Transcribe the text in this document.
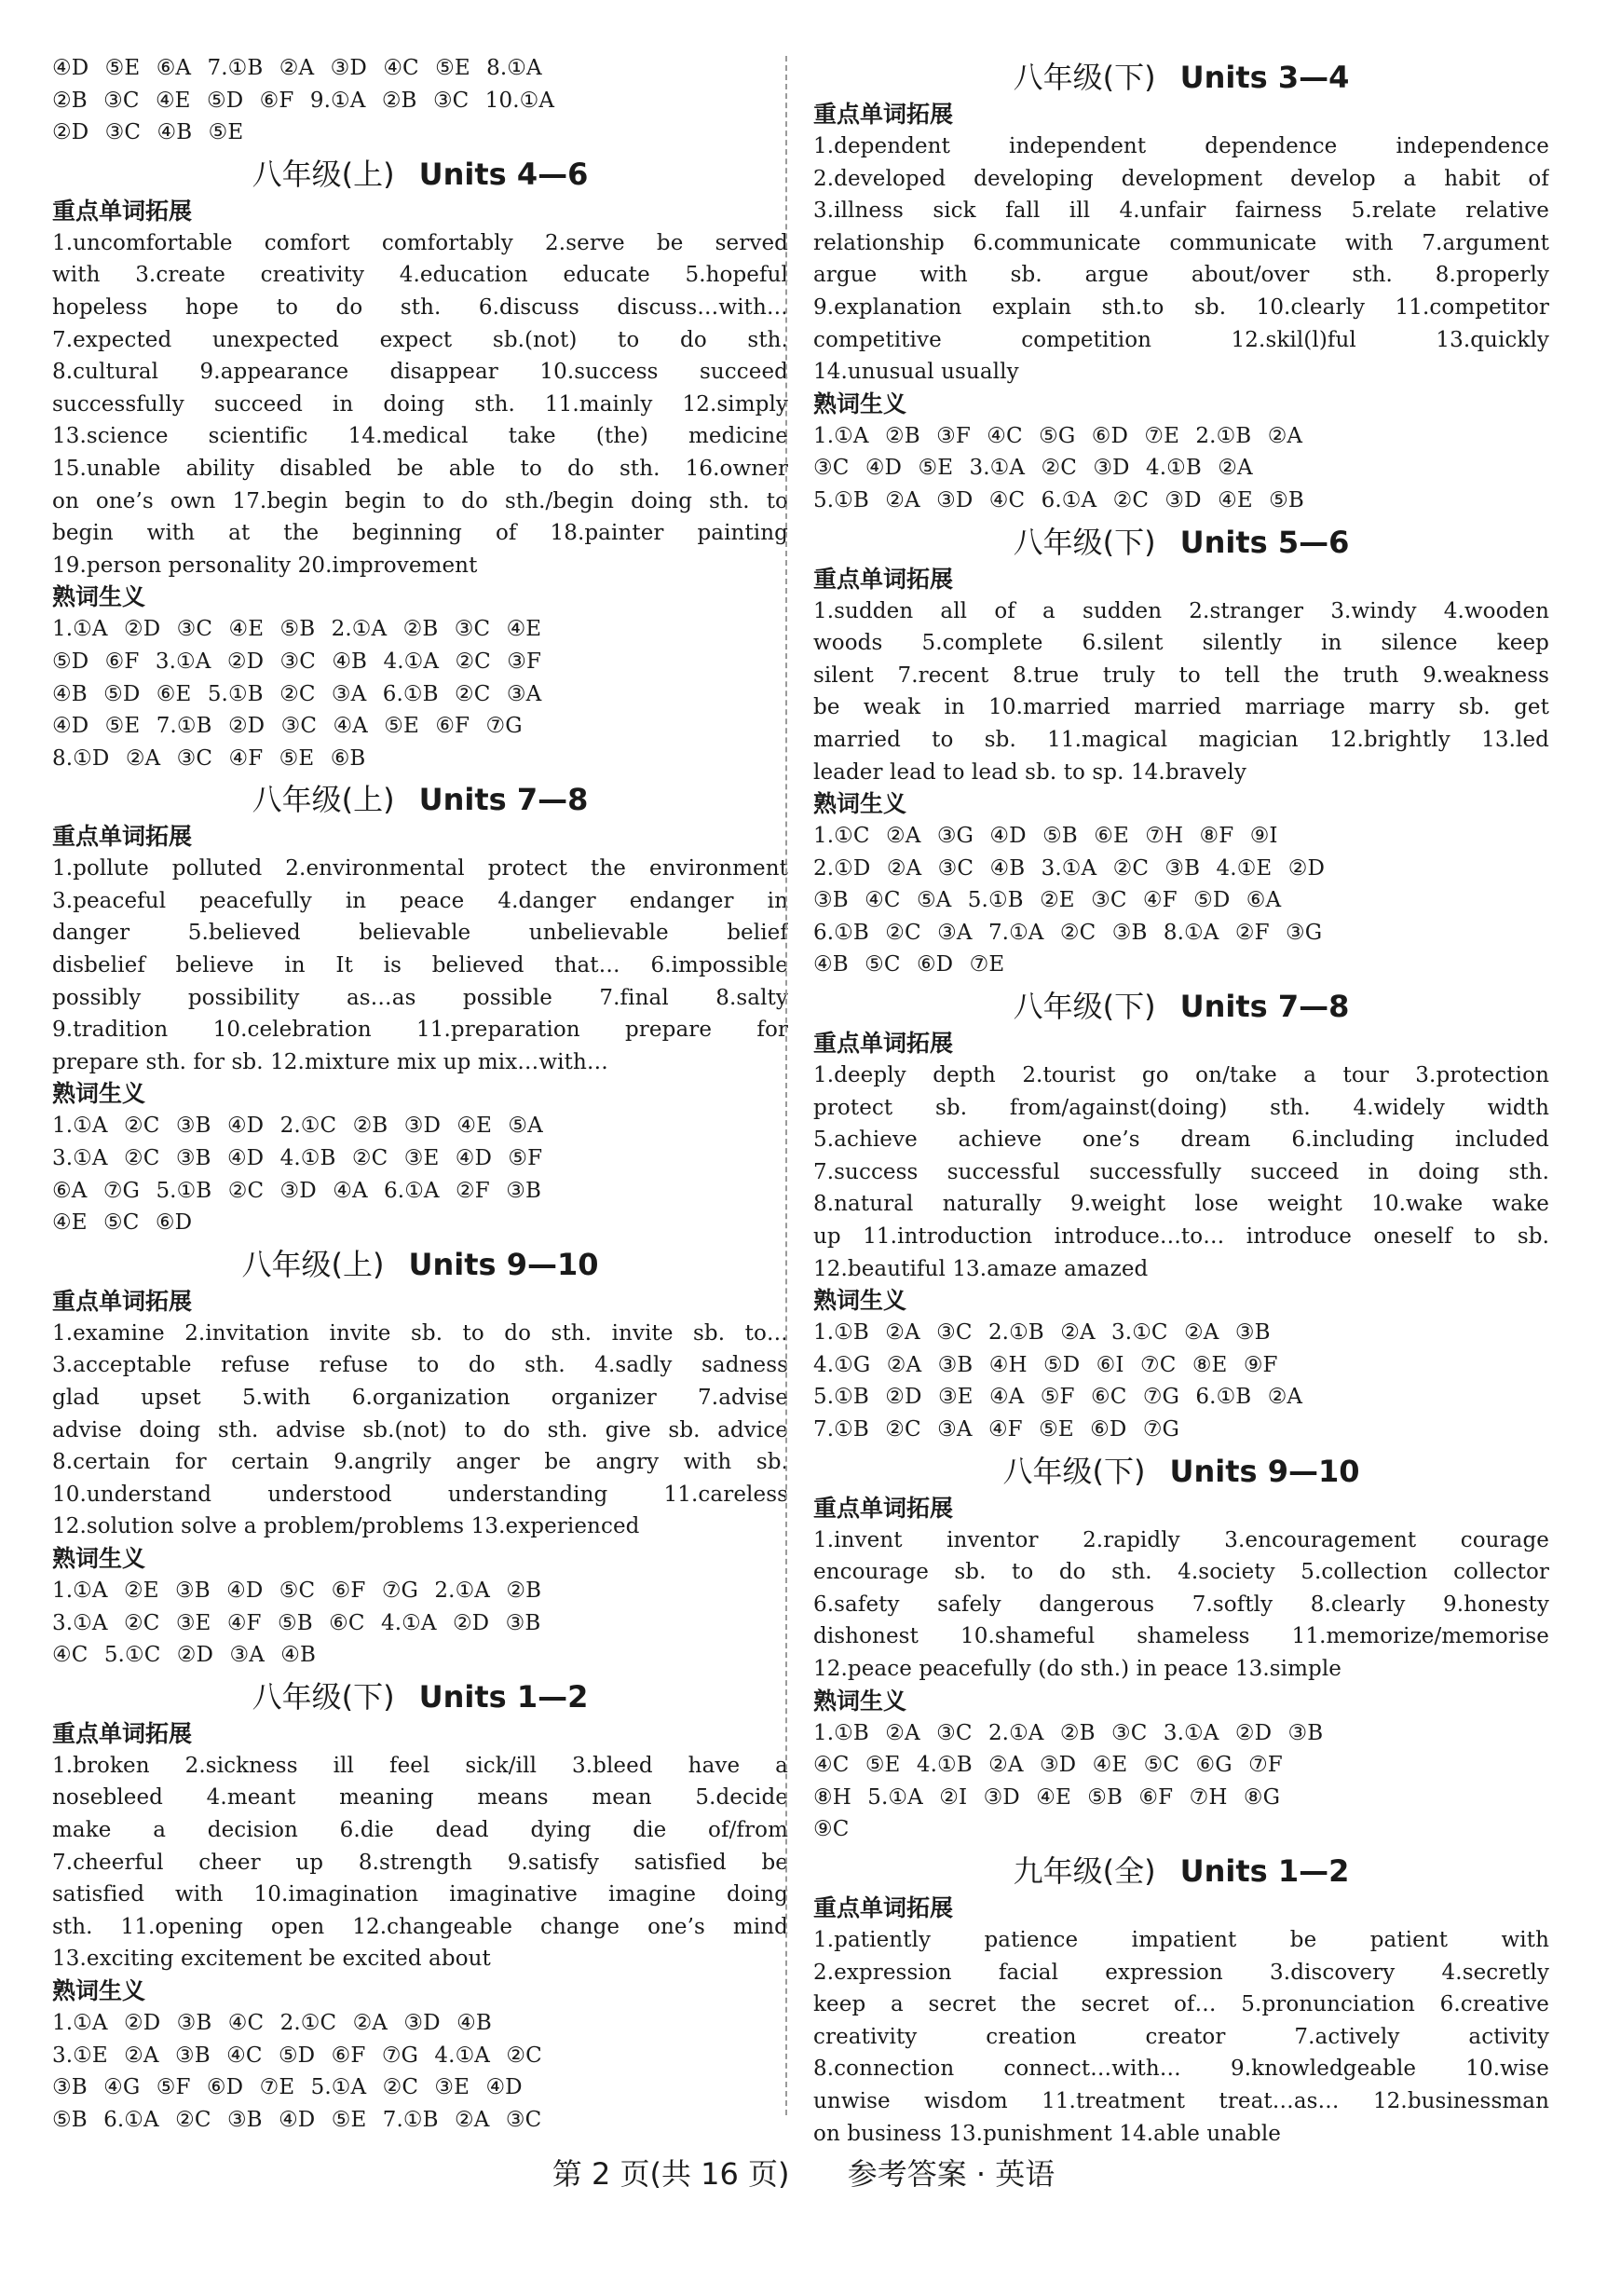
④D ⑤E ⑥A 7.①B ②A ③D ④C ⑤E 8.①A
②B ③C ④E ⑤D ⑥F 9.①A ②B ③C 10.①A
②D ③C ④B ⑤E
八年级(上) Units 4—6
重点单词拓展
1.uncomfortable comfort comfortably 2.serve be served
with 3.create creativity 4.education educate 5.hopeful
hopeless hope to do sth. 6.discuss discuss…with…
7.expected unexpected expect sb.(not) to do sth.
8.cultural 9.appearance disappear 10.success succeed
successfully succeed in doing sth. 11.mainly 12.simply
13.science scientific 14.medical take (the) medicine
15.unable ability disabled be able to do sth. 16.owner
on one’s own 17.begin begin to do sth./begin doing sth. to
begin with at the beginning of 18.painter painting
19.person personality 20.improvement
熟词生义
1.①A ②D ③C ④E ⑤B 2.①A ②B ③C ④E
⑤D ⑥F 3.①A ②D ③C ④B 4.①A ②C ③F
④B ⑤D ⑥E 5.①B ②C ③A 6.①B ②C ③A
④D ⑤E 7.①B ②D ③C ④A ⑤E ⑥F ⑦G
8.①D ②A ③C ④F ⑤E ⑥B
八年级(上) Units 7—8
重点单词拓展
1.pollute polluted 2.environmental protect the environment
3.peaceful peacefully in peace 4.danger endanger in
danger 5.believed believable unbelievable belief
disbelief believe in It is believed that… 6.impossible
possibly possibility as…as possible 7.final 8.salty
9.tradition 10.celebration 11.preparation prepare for
prepare sth. for sb. 12.mixture mix up mix…with…
熟词生义
1.①A ②C ③B ④D 2.①C ②B ③D ④E ⑤A
3.①A ②C ③B ④D 4.①B ②C ③E ④D ⑤F
⑥A ⑦G 5.①B ②C ③D ④A 6.①A ②F ③B
④E ⑤C ⑥D
八年级(上) Units 9—10
重点单词拓展
1.examine 2.invitation invite sb. to do sth. invite sb. to…
3.acceptable refuse refuse to do sth. 4.sadly sadness
glad upset 5.with 6.organization organizer 7.advise
advise doing sth. advise sb.(not) to do sth. give sb. advice
8.certain for certain 9.angrily anger be angry with sb.
10.understand understood understanding 11.careless
12.solution solve a problem/problems 13.experienced
熟词生义
1.①A ②E ③B ④D ⑤C ⑥F ⑦G 2.①A ②B
3.①A ②C ③E ④F ⑤B ⑥C 4.①A ②D ③B
④C 5.①C ②D ③A ④B
八年级(下) Units 1—2
重点单词拓展
1.broken 2.sickness ill feel sick/ill 3.bleed have a
nosebleed 4.meant meaning means mean 5.decide
make a decision 6.die dead dying die of/from
7.cheerful cheer up 8.strength 9.satisfy satisfied be
satisfied with 10.imagination imaginative imagine doing
sth. 11.opening open 12.changeable change one’s mind
13.exciting excitement be excited about
熟词生义
1.①A ②D ③B ④C 2.①C ②A ③D ④B
3.①E ②A ③B ④C ⑤D ⑥F ⑦G 4.①A ②C
③B ④G ⑤F ⑥D ⑦E 5.①A ②C ③E ④D
⑤B 6.①A ②C ③B ④D ⑤E 7.①B ②A ③C
八年级(下) Units 3—4
重点单词拓展
1.dependent independent dependence independence
2.developed developing development develop a habit of
3.illness sick fall ill 4.unfair fairness 5.relate relative
relationship 6.communicate communicate with 7.argument
argue with sb. argue about/over sth. 8.properly
9.explanation explain sth.to sb. 10.clearly 11.competitor
competitive competition 12.skil(l)ful 13.quickly
14.unusual usually
熟词生义
1.①A ②B ③F ④C ⑤G ⑥D ⑦E 2.①B ②A
③C ④D ⑤E 3.①A ②C ③D 4.①B ②A
5.①B ②A ③D ④C 6.①A ②C ③D ④E ⑤B
八年级(下) Units 5—6
重点单词拓展
1.sudden all of a sudden 2.stranger 3.windy 4.wooden
woods 5.complete 6.silent silently in silence keep
silent 7.recent 8.true truly to tell the truth 9.weakness
be weak in 10.married married marriage marry sb. get
married to sb. 11.magical magician 12.brightly 13.led
leader lead to lead sb. to sp. 14.bravely
熟词生义
1.①C ②A ③G ④D ⑤B ⑥E ⑦H ⑧F ⑨I
2.①D ②A ③C ④B 3.①A ②C ③B 4.①E ②D
③B ④C ⑤A 5.①B ②E ③C ④F ⑤D ⑥A
6.①B ②C ③A 7.①A ②C ③B 8.①A ②F ③G
④B ⑤C ⑥D ⑦E
八年级(下) Units 7—8
重点单词拓展
1.deeply depth 2.tourist go on/take a tour 3.protection
protect sb. from/against(doing) sth. 4.widely width
5.achieve achieve one’s dream 6.including included
7.success successful successfully succeed in doing sth.
8.natural naturally 9.weight lose weight 10.wake wake
up 11.introduction introduce…to… introduce oneself to sb.
12.beautiful 13.amaze amazed
熟词生义
1.①B ②A ③C 2.①B ②A 3.①C ②A ③B
4.①G ②A ③B ④H ⑤D ⑥I ⑦C ⑧E ⑨F
5.①B ②D ③E ④A ⑤F ⑥C ⑦G 6.①B ②A
7.①B ②C ③A ④F ⑤E ⑥D ⑦G
八年级(下) Units 9—10
重点单词拓展
1.invent inventor 2.rapidly 3.encouragement courage
encourage sb. to do sth. 4.society 5.collection collector
6.safety safely dangerous 7.softly 8.clearly 9.honesty
dishonest 10.shameful shameless 11.memorize/memorise
12.peace peacefully (do sth.) in peace 13.simple
熟词生义
1.①B ②A ③C 2.①A ②B ③C 3.①A ②D ③B
④C ⑤E 4.①B ②A ③D ④E ⑤C ⑥G ⑦F
⑧H 5.①A ②I ③D ④E ⑤B ⑥F ⑦H ⑧G
⑨C
九年级(全) Units 1—2
重点单词拓展
1.patiently patience impatient be patient with
2.expression facial expression 3.discovery 4.secretly
keep a secret the secret of… 5.pronunciation 6.creative
creativity creation creator 7.actively activity
8.connection connect…with… 9.knowledgeable 10.wise
unwise wisdom 11.treatment treat…as… 12.businessman
on business 13.punishment 14.able unable
第 2 页(共 16 页) 参考答案 · 英语
